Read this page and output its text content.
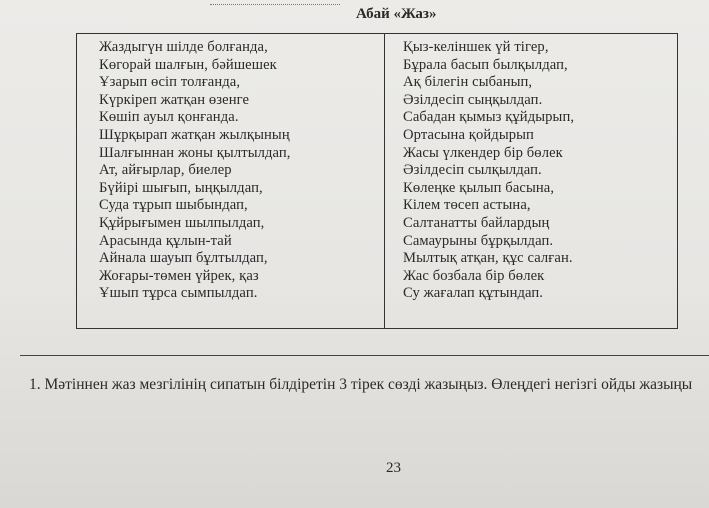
Абай «Жаз»
Жаздыгүн шілде болғанда,
Көгорай шалғын, бәйшешек
Ұзарып өсіп толғанда,
Күркіреп жатқан өзенге
Көшіп ауыл қонғанда.
Шұрқырап жатқан жылқының
Шалғыннан жоны қылтылдап,
Ат, айғырлар, биелер
Бүйірі шығып, ыңқылдап,
Суда тұрып шыбындап,
Құйрығымен шылпылдап,
Арасында құлын-тай
Айнала шауып бұлтылдап,
Жоғары-төмен үйрек, қаз
Ұшып тұрса сымпылдап.
Қыз-келіншек үй тігер,
Бұрала басып былқылдап,
Ақ білегін сыбанып,
Әзілдесіп сыңқылдап.
Сабадан қымыз құйдырып,
Ортасына қойдырып
Жасы үлкендер бір бөлек
Әзілдесіп сылқылдап.
Көлеңке қылып басына,
Кілем төсеп астына,
Салтанатты байлардың
Самаурыны бұрқылдап.
Мылтық атқан, құс салған.
Жас бозбала бір бөлек
Су жағалап құтындап.
1. Мәтіннен жаз мезгілінің сипатын білдіретін 3 тірек сөзді жазыңыз. Өлеңдегі негізгі ойды жазыңы
23
